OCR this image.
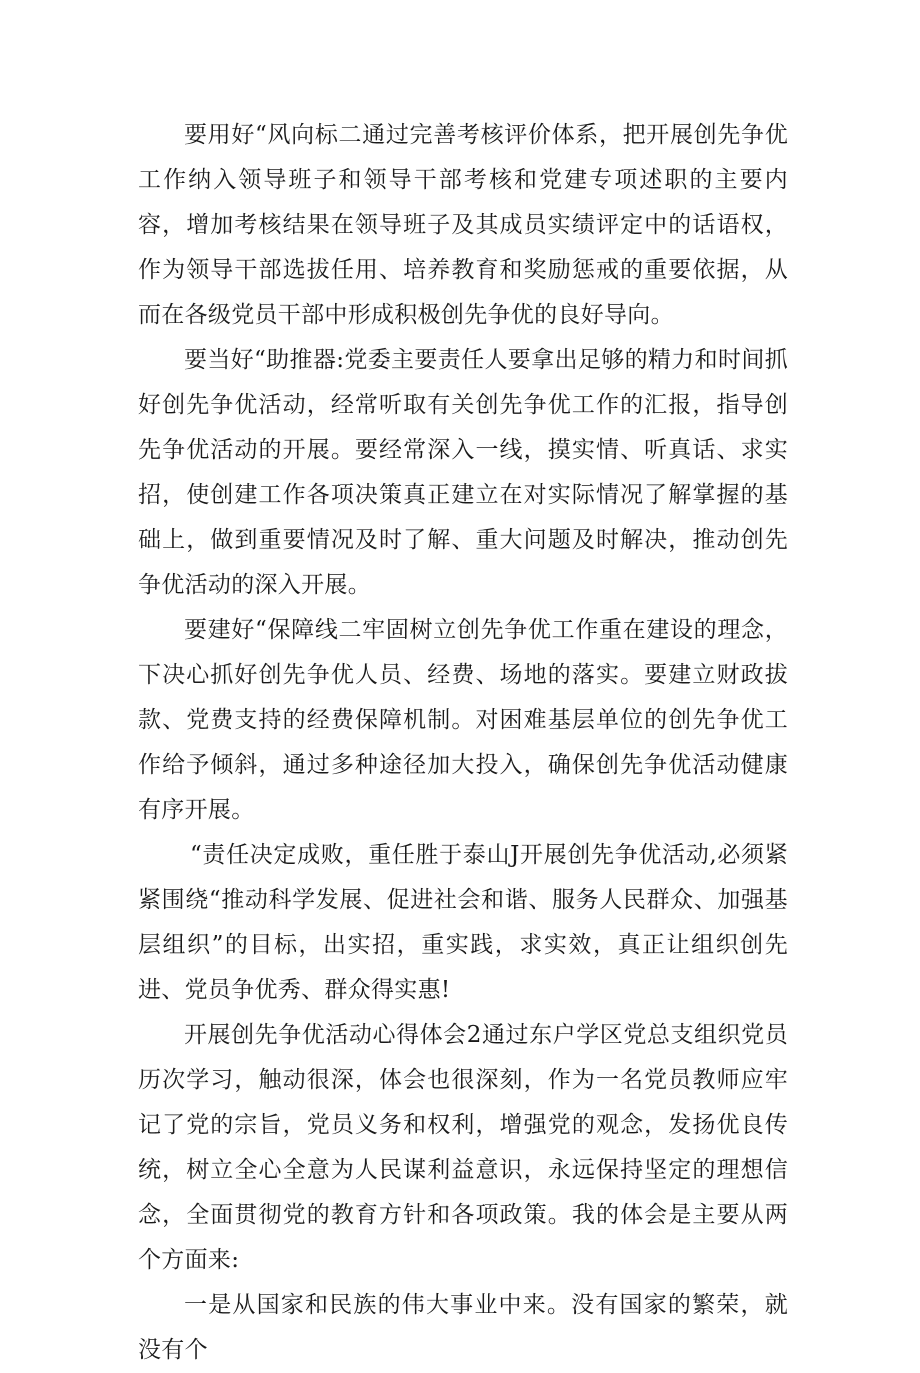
要用好“风向标二通过完善考核评价体系，把开展创先争优工作纳入领导班子和领导干部考核和党建专项述职的主要内容，增加考核结果在领导班子及其成员实绩评定中的话语权，作为领导干部选拔任用、培养教育和奖励惩戒的重要依据，从而在各级党员干部中形成积极创先争优的良好导向。

要当好“助推器:党委主要责任人要拿出足够的精力和时间抓好创先争优活动，经常听取有关创先争优工作的汇报，指导创先争优活动的开展。要经常深入一线，摸实情、听真话、求实招，使创建工作各项决策真正建立在对实际情况了解掌握的基础上，做到重要情况及时了解、重大问题及时解决，推动创先争优活动的深入开展。

要建好“保障线二牢固树立创先争优工作重在建设的理念，下决心抓好创先争优人员、经费、场地的落实。要建立财政拔款、党费支持的经费保障机制。对困难基层单位的创先争优工作给予倾斜，通过多种途径加大投入，确保创先争优活动健康有序开展。

“责任决定成败，重任胜于泰山J开展创先争优活动,必须紧紧围绕“推动科学发展、促进社会和谐、服务人民群众、加强基层组织”的目标，出实招，重实践，求实效，真正让组织创先进、党员争优秀、群众得实惠!

开展创先争优活动心得体会2通过东户学区党总支组织党员历次学习，触动很深，体会也很深刻，作为一名党员教师应牢记了党的宗旨，党员义务和权利，增强党的观念，发扬优良传统，树立全心全意为人民谋利益意识，永远保持坚定的理想信念，全面贯彻党的教育方针和各项政策。我的体会是主要从两个方面来:

一是从国家和民族的伟大事业中来。没有国家的繁荣，就没有个
